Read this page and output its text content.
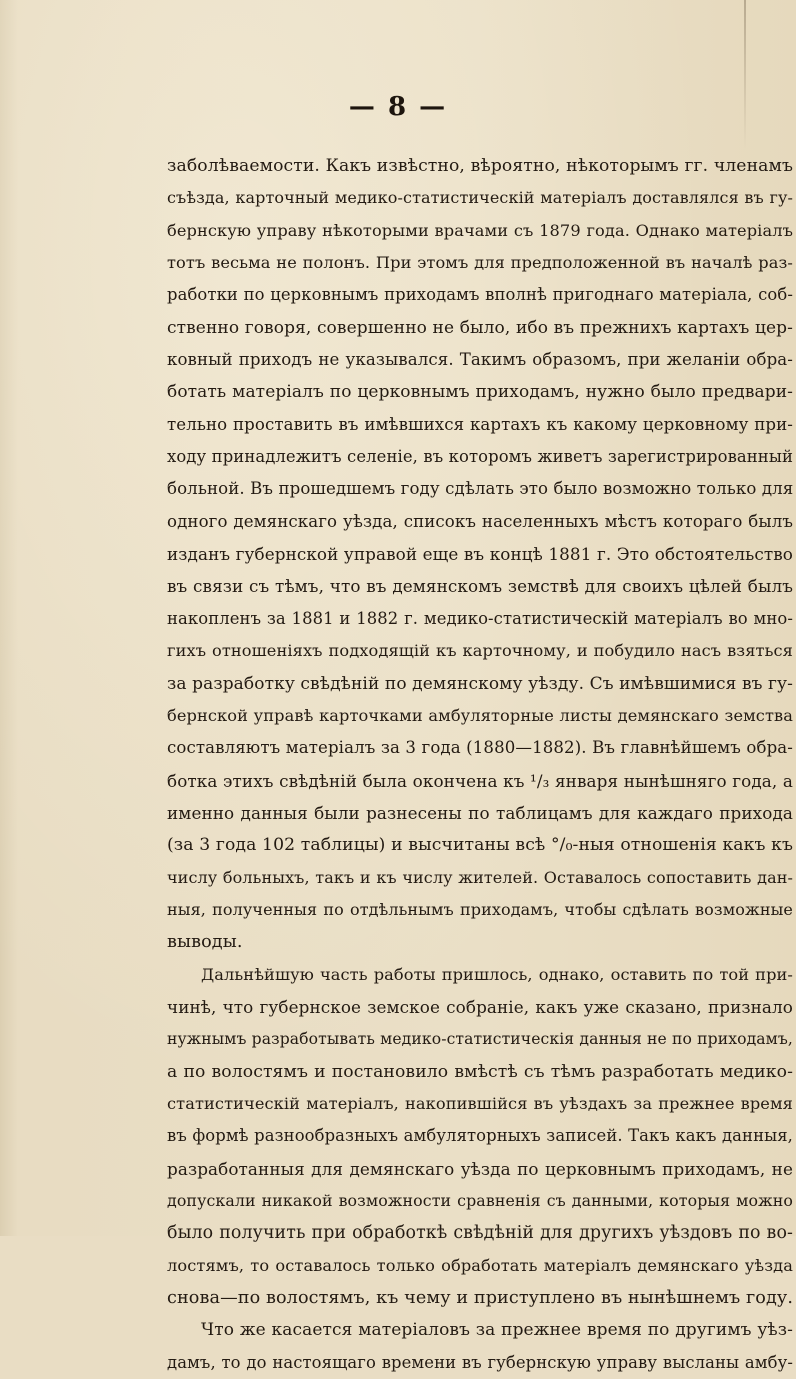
— 8 —
заболѣваемости. Какъ извѣстно, вѣроятно, нѣкоторымъ гг. членамъ
съѣзда, карточный медико-статистическій матеріалъ доставлялся въ гу-
бернскую управу нѣкоторыми врачами съ 1879 года. Однако матеріалъ
тотъ весьма не полонъ. При этомъ для предположенной въ началѣ раз-
работки по церковнымъ приходамъ вполнѣ пригоднаго матеріала, соб-
ственно говоря, совершенно не было, ибо въ прежнихъ картахъ цер-
ковный приходъ не указывался. Такимъ образомъ, при желаніи обра-
ботать матеріалъ по церковнымъ приходамъ, нужно было предвари-
тельно проставить въ имѣвшихся картахъ къ какому церковному при-
ходу принадлежитъ селеніе, въ которомъ живетъ зарегистрированный
больной. Въ прошедшемъ году сдѣлать это было возможно только для
одного демянскаго уѣзда, списокъ населенныхъ мѣстъ котораго былъ
изданъ губернской управой еще въ концѣ 1881 г. Это обстоятельство
въ связи съ тѣмъ, что въ демянскомъ земствѣ для своихъ цѣлей былъ
накопленъ за 1881 и 1882 г. медико-статистическій матеріалъ во мно-
гихъ отношеніяхъ подходящій къ карточному, и побудило насъ взяться
за разработку свѣдѣній по демянскому уѣзду. Съ имѣвшимися въ гу-
бернской управѣ карточками амбуляторные листы демянскаго земства
составляютъ матеріалъ за 3 года (1880—1882). Въ главнѣйшемъ обра-
ботка этихъ свѣдѣній была окончена къ ¹/₃ января нынѣшняго года, а
именно данныя были разнесены по таблицамъ для каждаго прихода
(за 3 года 102 таблицы) и высчитаны всѣ °/₀-ныя отношенія какъ къ
числу больныхъ, такъ и къ числу жителей. Оставалось сопоставить дан-
ныя, полученныя по отдѣльнымъ приходамъ, чтобы сдѣлать возможные
выводы.
Дальнѣйшую часть работы пришлось, однако, оставить по той при-
чинѣ, что губернское земское собраніе, какъ уже сказано, признало
нужнымъ разработывать медико-статистическія данныя не по приходамъ,
а по волостямъ и постановило вмѣстѣ съ тѣмъ разработать медико-
статистическій матеріалъ, накопившійся въ уѣздахъ за прежнее время
въ формѣ разнообразныхъ амбуляторныхъ записей. Такъ какъ данныя,
разработанныя для демянскаго уѣзда по церковнымъ приходамъ, не
допускали никакой возможности сравненія съ данными, которыя можно
было получить при обработкѣ свѣдѣній для другихъ уѣздовъ по во-
лостямъ, то оставалось только обработать матеріалъ демянскаго уѣзда
снова—по волостямъ, къ чему и приступлено въ нынѣшнемъ году.
Что же касается матеріаловъ за прежнее время по другимъ уѣз-
дамъ, то до настоящаго времени въ губернскую управу высланы амбу-
